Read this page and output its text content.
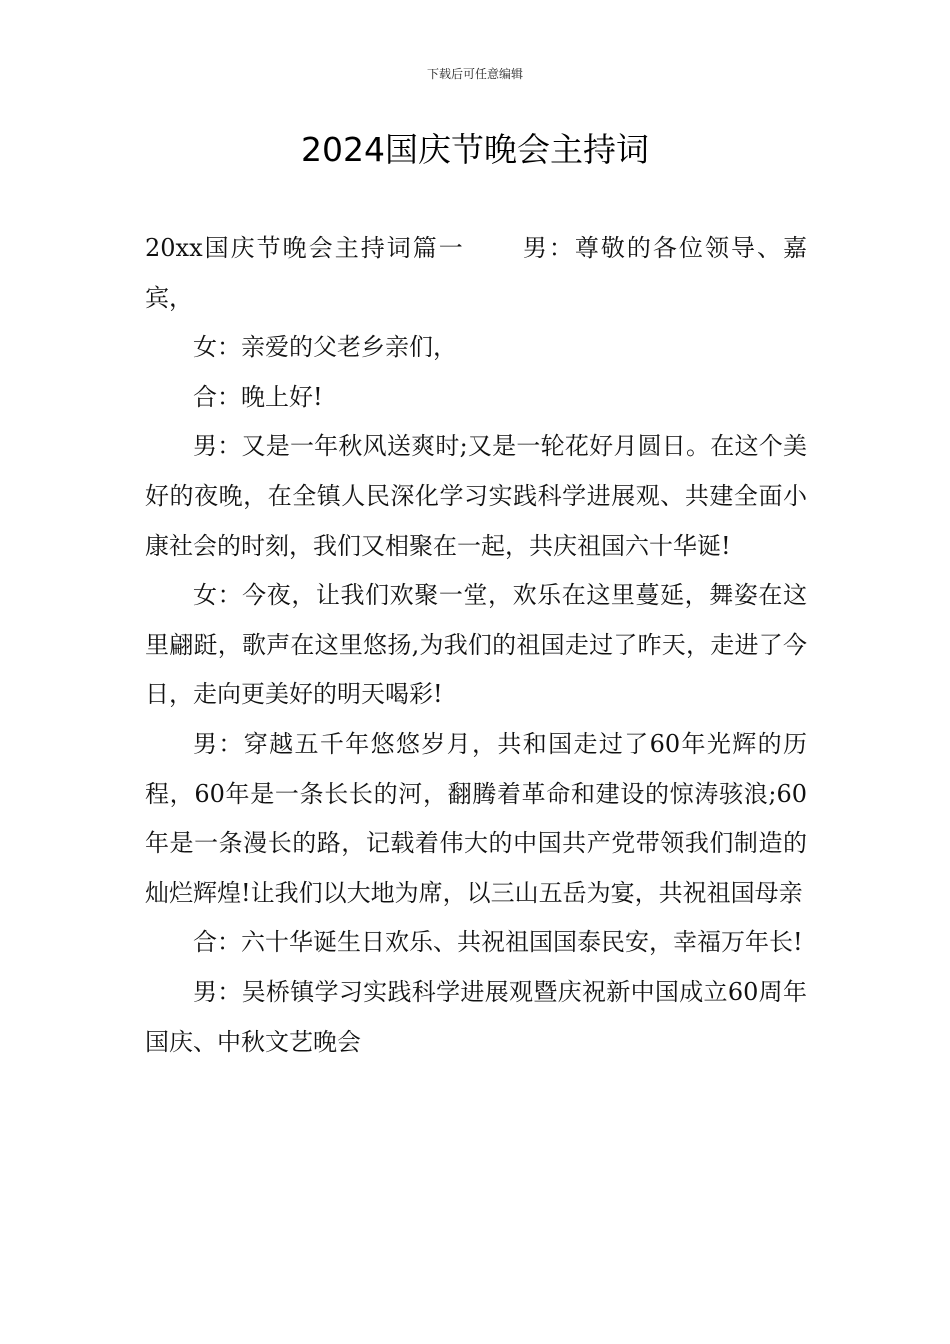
下载后可任意编辑
2024国庆节晚会主持词

20xx国庆节晚会主持词篇一 男：尊敬的各位领导、嘉宾，

女：亲爱的父老乡亲们，

合：晚上好!

男：又是一年秋风送爽时;又是一轮花好月圆日。在这个美好的夜晚，在全镇人民深化学习实践科学进展观、共建全面小康社会的时刻，我们又相聚在一起，共庆祖国六十华诞!

女：今夜，让我们欢聚一堂，欢乐在这里蔓延，舞姿在这里翩跹，歌声在这里悠扬,为我们的祖国走过了昨天，走进了今日，走向更美好的明天喝彩!

男：穿越五千年悠悠岁月，共和国走过了60年光辉的历程，60年是一条长长的河，翻腾着革命和建设的惊涛骇浪;60年是一条漫长的路，记载着伟大的中国共产党带领我们制造的灿烂辉煌!让我们以大地为席，以三山五岳为宴，共祝祖国母亲

合：六十华诞生日欢乐、共祝祖国国泰民安，幸福万年长!

男：吴桥镇学习实践科学进展观暨庆祝新中国成立60周年国庆、中秋文艺晚会
